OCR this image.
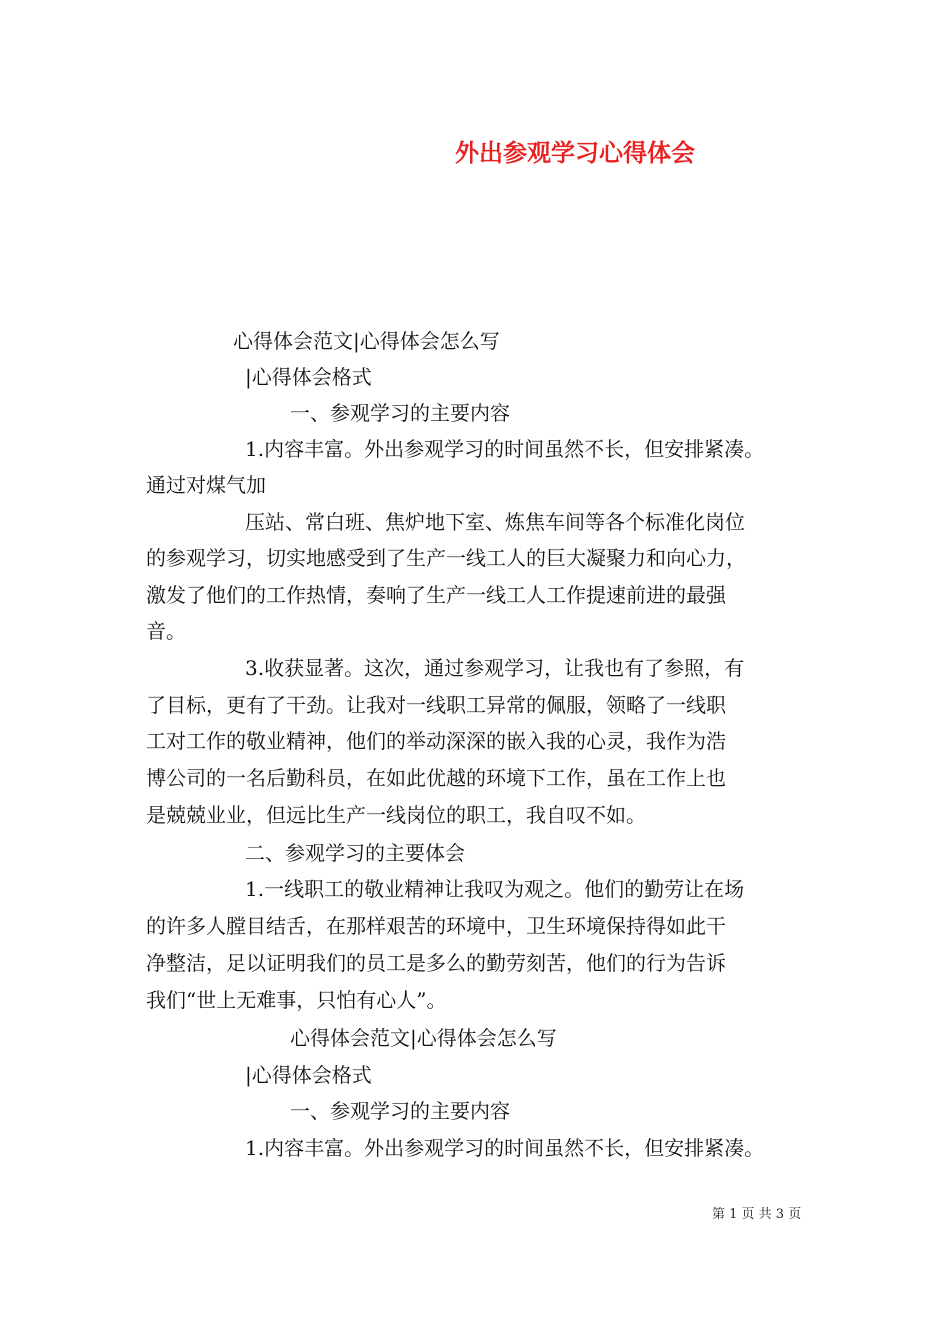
外出参观学习心得体会
心得体会范文|心得体会怎么写
|心得体会格式
一、参观学习的主要内容
1.内容丰富。外出参观学习的时间虽然不长，但安排紧凑。
通过对煤气加
压站、常白班、焦炉地下室、炼焦车间等各个标准化岗位
的参观学习，切实地感受到了生产一线工人的巨大凝聚力和向心力，
激发了他们的工作热情，奏响了生产一线工人工作提速前进的最强
音。
3.收获显著。这次，通过参观学习，让我也有了参照，有
了目标，更有了干劲。让我对一线职工异常的佩服，领略了一线职
工对工作的敬业精神，他们的举动深深的嵌入我的心灵，我作为浩
博公司的一名后勤科员，在如此优越的环境下工作，虽在工作上也
是兢兢业业，但远比生产一线岗位的职工，我自叹不如。
二、参观学习的主要体会
1.一线职工的敬业精神让我叹为观之。他们的勤劳让在场
的许多人膛目结舌，在那样艰苦的环境中，卫生环境保持得如此干
净整洁，足以证明我们的员工是多么的勤劳刻苦，他们的行为告诉
我们“世上无难事，只怕有心人”。
心得体会范文|心得体会怎么写
|心得体会格式
一、参观学习的主要内容
1.内容丰富。外出参观学习的时间虽然不长，但安排紧凑。
第 1 页 共 3 页
